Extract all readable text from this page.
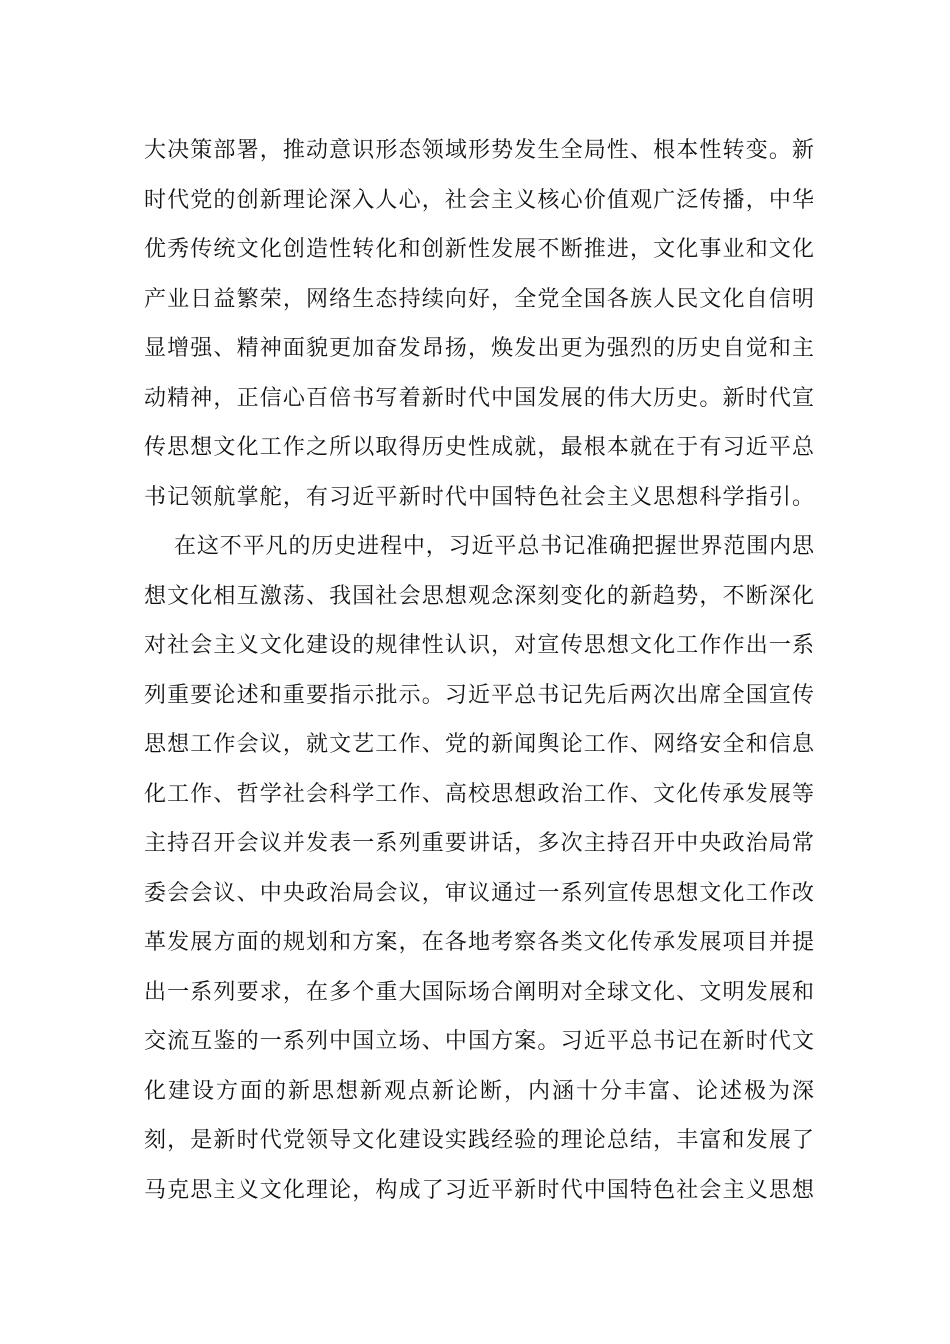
大决策部署，推动意识形态领域形势发生全局性、根本性转变。新
时代党的创新理论深入人心，社会主义核心价值观广泛传播，中华
优秀传统文化创造性转化和创新性发展不断推进，文化事业和文化
产业日益繁荣，网络生态持续向好，全党全国各族人民文化自信明
显增强、精神面貌更加奋发昂扬，焕发出更为强烈的历史自觉和主
动精神，正信心百倍书写着新时代中国发展的伟大历史。新时代宣
传思想文化工作之所以取得历史性成就，最根本就在于有习近平总
书记领航掌舵，有习近平新时代中国特色社会主义思想科学指引。
在这不平凡的历史进程中，习近平总书记准确把握世界范围内思
想文化相互激荡、我国社会思想观念深刻变化的新趋势，不断深化
对社会主义文化建设的规律性认识，对宣传思想文化工作作出一系
列重要论述和重要指示批示。习近平总书记先后两次出席全国宣传
思想工作会议，就文艺工作、党的新闻舆论工作、网络安全和信息
化工作、哲学社会科学工作、高校思想政治工作、文化传承发展等
主持召开会议并发表一系列重要讲话，多次主持召开中央政治局常
委会会议、中央政治局会议，审议通过一系列宣传思想文化工作改
革发展方面的规划和方案，在各地考察各类文化传承发展项目并提
出一系列要求，在多个重大国际场合阐明对全球文化、文明发展和
交流互鉴的一系列中国立场、中国方案。习近平总书记在新时代文
化建设方面的新思想新观点新论断，内涵十分丰富、论述极为深
刻，是新时代党领导文化建设实践经验的理论总结，丰富和发展了
马克思主义文化理论，构成了习近平新时代中国特色社会主义思想
